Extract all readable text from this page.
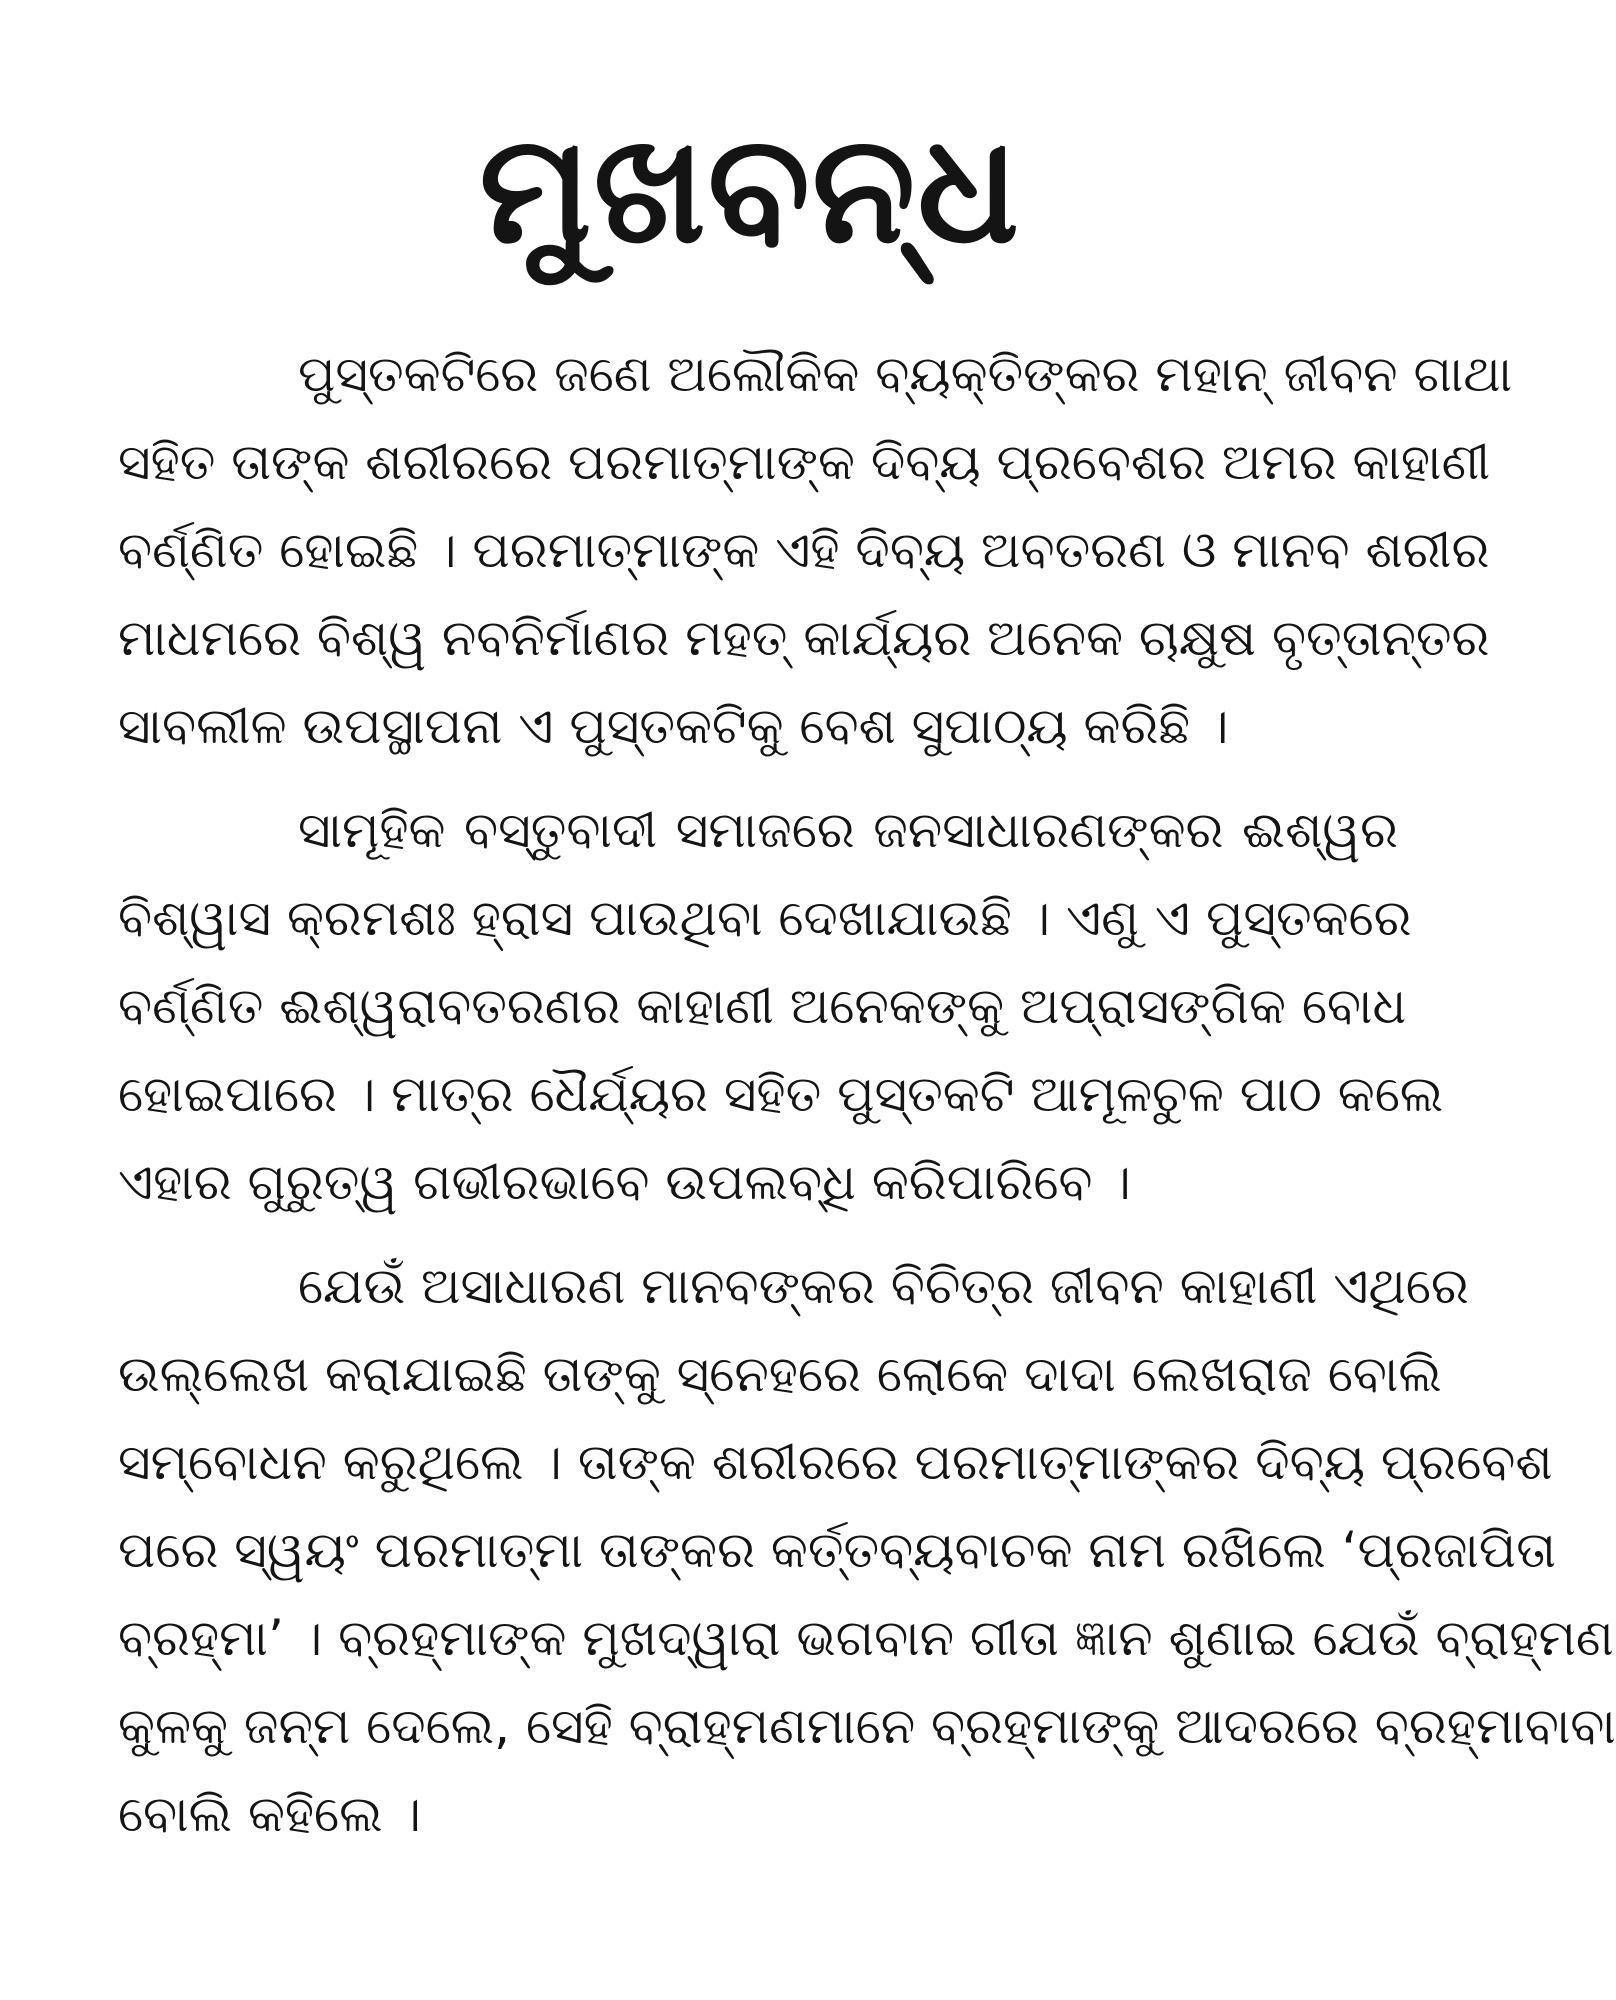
ମୁଖବନ୍ଧ
ପୁସ୍ତକଟିରେ ଜଣେ ଅଲୌକିକ ବ୍ୟକ୍ତିଙ୍କର ମହାନ୍ ଜୀବନ ଗାଥା
ସହିତ ତାଙ୍କ ଶରୀରରେ ପରମାତ୍ମାଙ୍କ ଦିବ୍ୟ ପ୍ରବେଶର ଅମର କାହାଣୀ
ବର୍ଣ୍ଣିତ ହୋଇଛି । ପରମାତ୍ମାଙ୍କ ଏହି ଦିବ୍ୟ ଅବତରଣ ଓ ମାନବ ଶରୀର
ମାଧମରେ ବିଶ୍ୱ ନବନିର୍ମାଣର ମହତ୍ କାର୍ଯ୍ୟର ଅନେକ ଚାକ୍ଷୁଷ ବୃତ୍ତାନ୍ତର
ସାବଲୀଳ ଉପସ୍ଥାପନା ଏ ପୁସ୍ତକଟିକୁ ବେଶ ସୁପାଠ୍ୟ କରିଛି ।
ସାମୂହିକ ବସ୍ତୁବାଦୀ ସମାଜରେ ଜନସାଧାରଣଙ୍କର ଈଶ୍ୱର
ବିଶ୍ୱାସ କ୍ରମଶଃ ହ୍ରାସ ପାଉଥିବା ଦେଖାଯାଉଛି । ଏଣୁ ଏ ପୁସ୍ତକରେ
ବର୍ଣ୍ଣିତ ଈଶ୍ୱରାବତରଣର କାହାଣୀ ଅନେକଙ୍କୁ ଅପ୍ରାସଙ୍ଗିକ ବୋଧ
ହୋଇପାରେ । ମାତ୍ର ଧୈର୍ଯ୍ୟର ସହିତ ପୁସ୍ତକଟି ଆମୂଳଚୁଳ ପାଠ କଲେ
ଏହାର ଗୁରୁତ୍ୱ ଗଭୀରଭାବେ ଉପଲବ୍ଧି କରିପାରିବେ ।
ଯେଉଁ ଅସାଧାରଣ ମାନବଙ୍କର ବିଚିତ୍ର ଜୀବନ କାହାଣୀ ଏଥିରେ
ଉଲ୍ଲେଖ କରାଯାଇଛି ତାଙ୍କୁ ସ୍ନେହରେ ଲୋକେ ଦାଦା ଲେଖରାଜ ବୋଲି
ସମ୍ବୋଧନ କରୁଥିଲେ । ତାଙ୍କ ଶରୀରରେ ପରମାତ୍ମାଙ୍କର ଦିବ୍ୟ ପ୍ରବେଶ
ପରେ ସ୍ୱୟଂ ପରମାତ୍ମା ତାଙ୍କର କର୍ତ୍ତବ୍ୟବାଚକ ନାମ ରଖିଲେ ‘ପ୍ରଜାପିତା
ବ୍ରହ୍ମା’ । ବ୍ରହ୍ମାଙ୍କ ମୁଖଦ୍ୱାରା ଭଗବାନ ଗୀତା ଜ୍ଞାନ ଶୁଣାଇ ଯେଉଁ ବ୍ରାହ୍ମଣ
କୁଳକୁ ଜନ୍ମ ଦେଲେ, ସେହି ବ୍ରାହ୍ମଣମାନେ ବ୍ରହ୍ମାଙ୍କୁ ଆଦରରେ ବ୍ରହ୍ମାବାବା
ବୋଲି କହିଲେ ।
